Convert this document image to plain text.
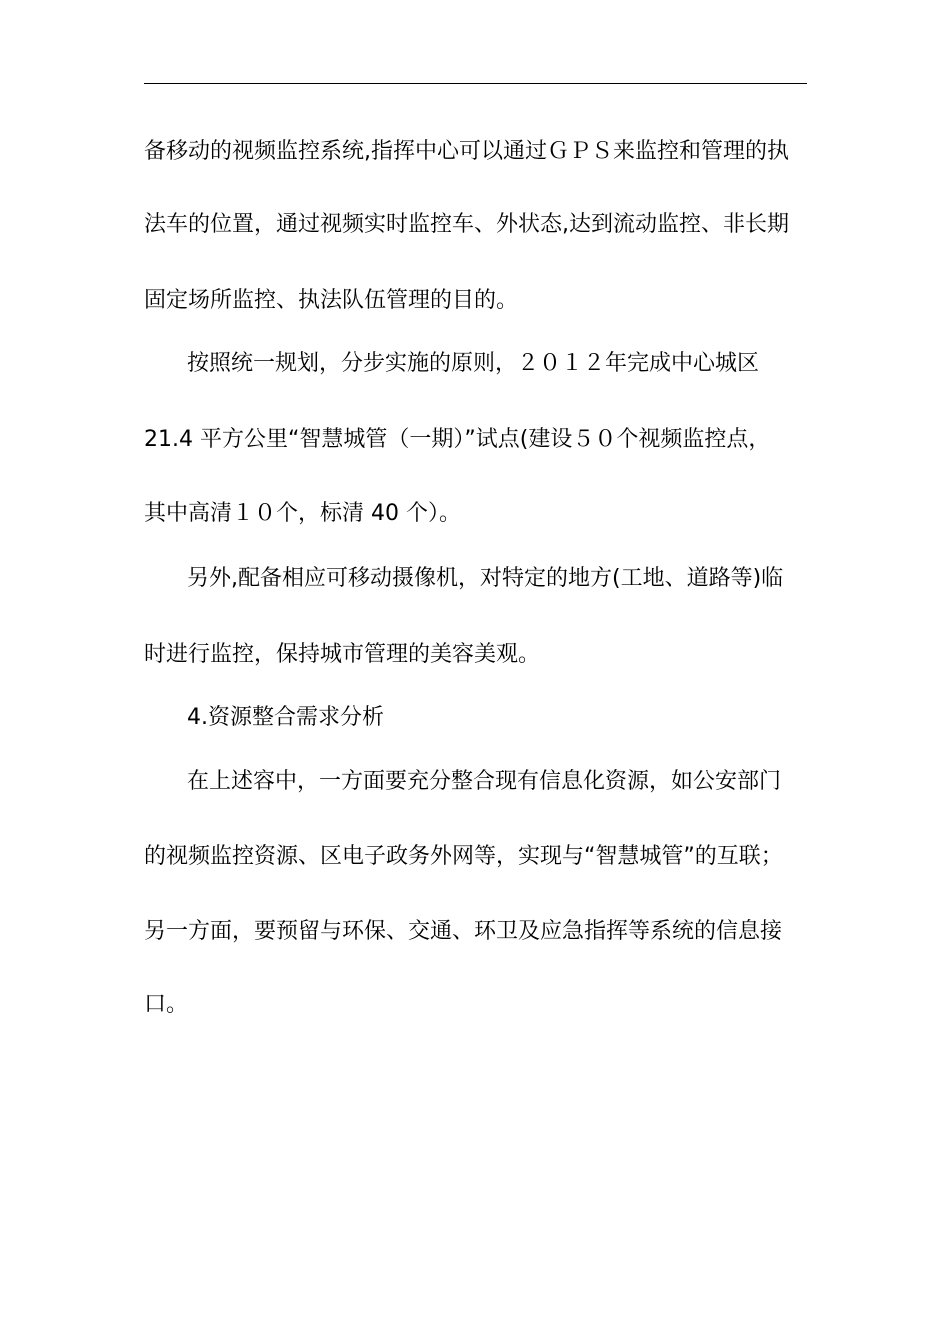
备移动的视频监控系统,指挥中心可以通过ＧＰＳ来监控和管理的执
法车的位置，通过视频实时监控车、外状态,达到流动监控、非长期
固定场所监控、执法队伍管理的目的。
按照统一规划，分步实施的原则，２０１２年完成中心城区
21.4 平方公里“智慧城管（一期）”试点(建设５０个视频监控点，
其中高清１０个，标清 40 个）。
另外,配备相应可移动摄像机，对特定的地方(工地、道路等)临
时进行监控，保持城市管理的美容美观。
4.资源整合需求分析
在上述容中，一方面要充分整合现有信息化资源，如公安部门
的视频监控资源、区电子政务外网等，实现与“智慧城管”的互联；
另一方面，要预留与环保、交通、环卫及应急指挥等系统的信息接
口。
